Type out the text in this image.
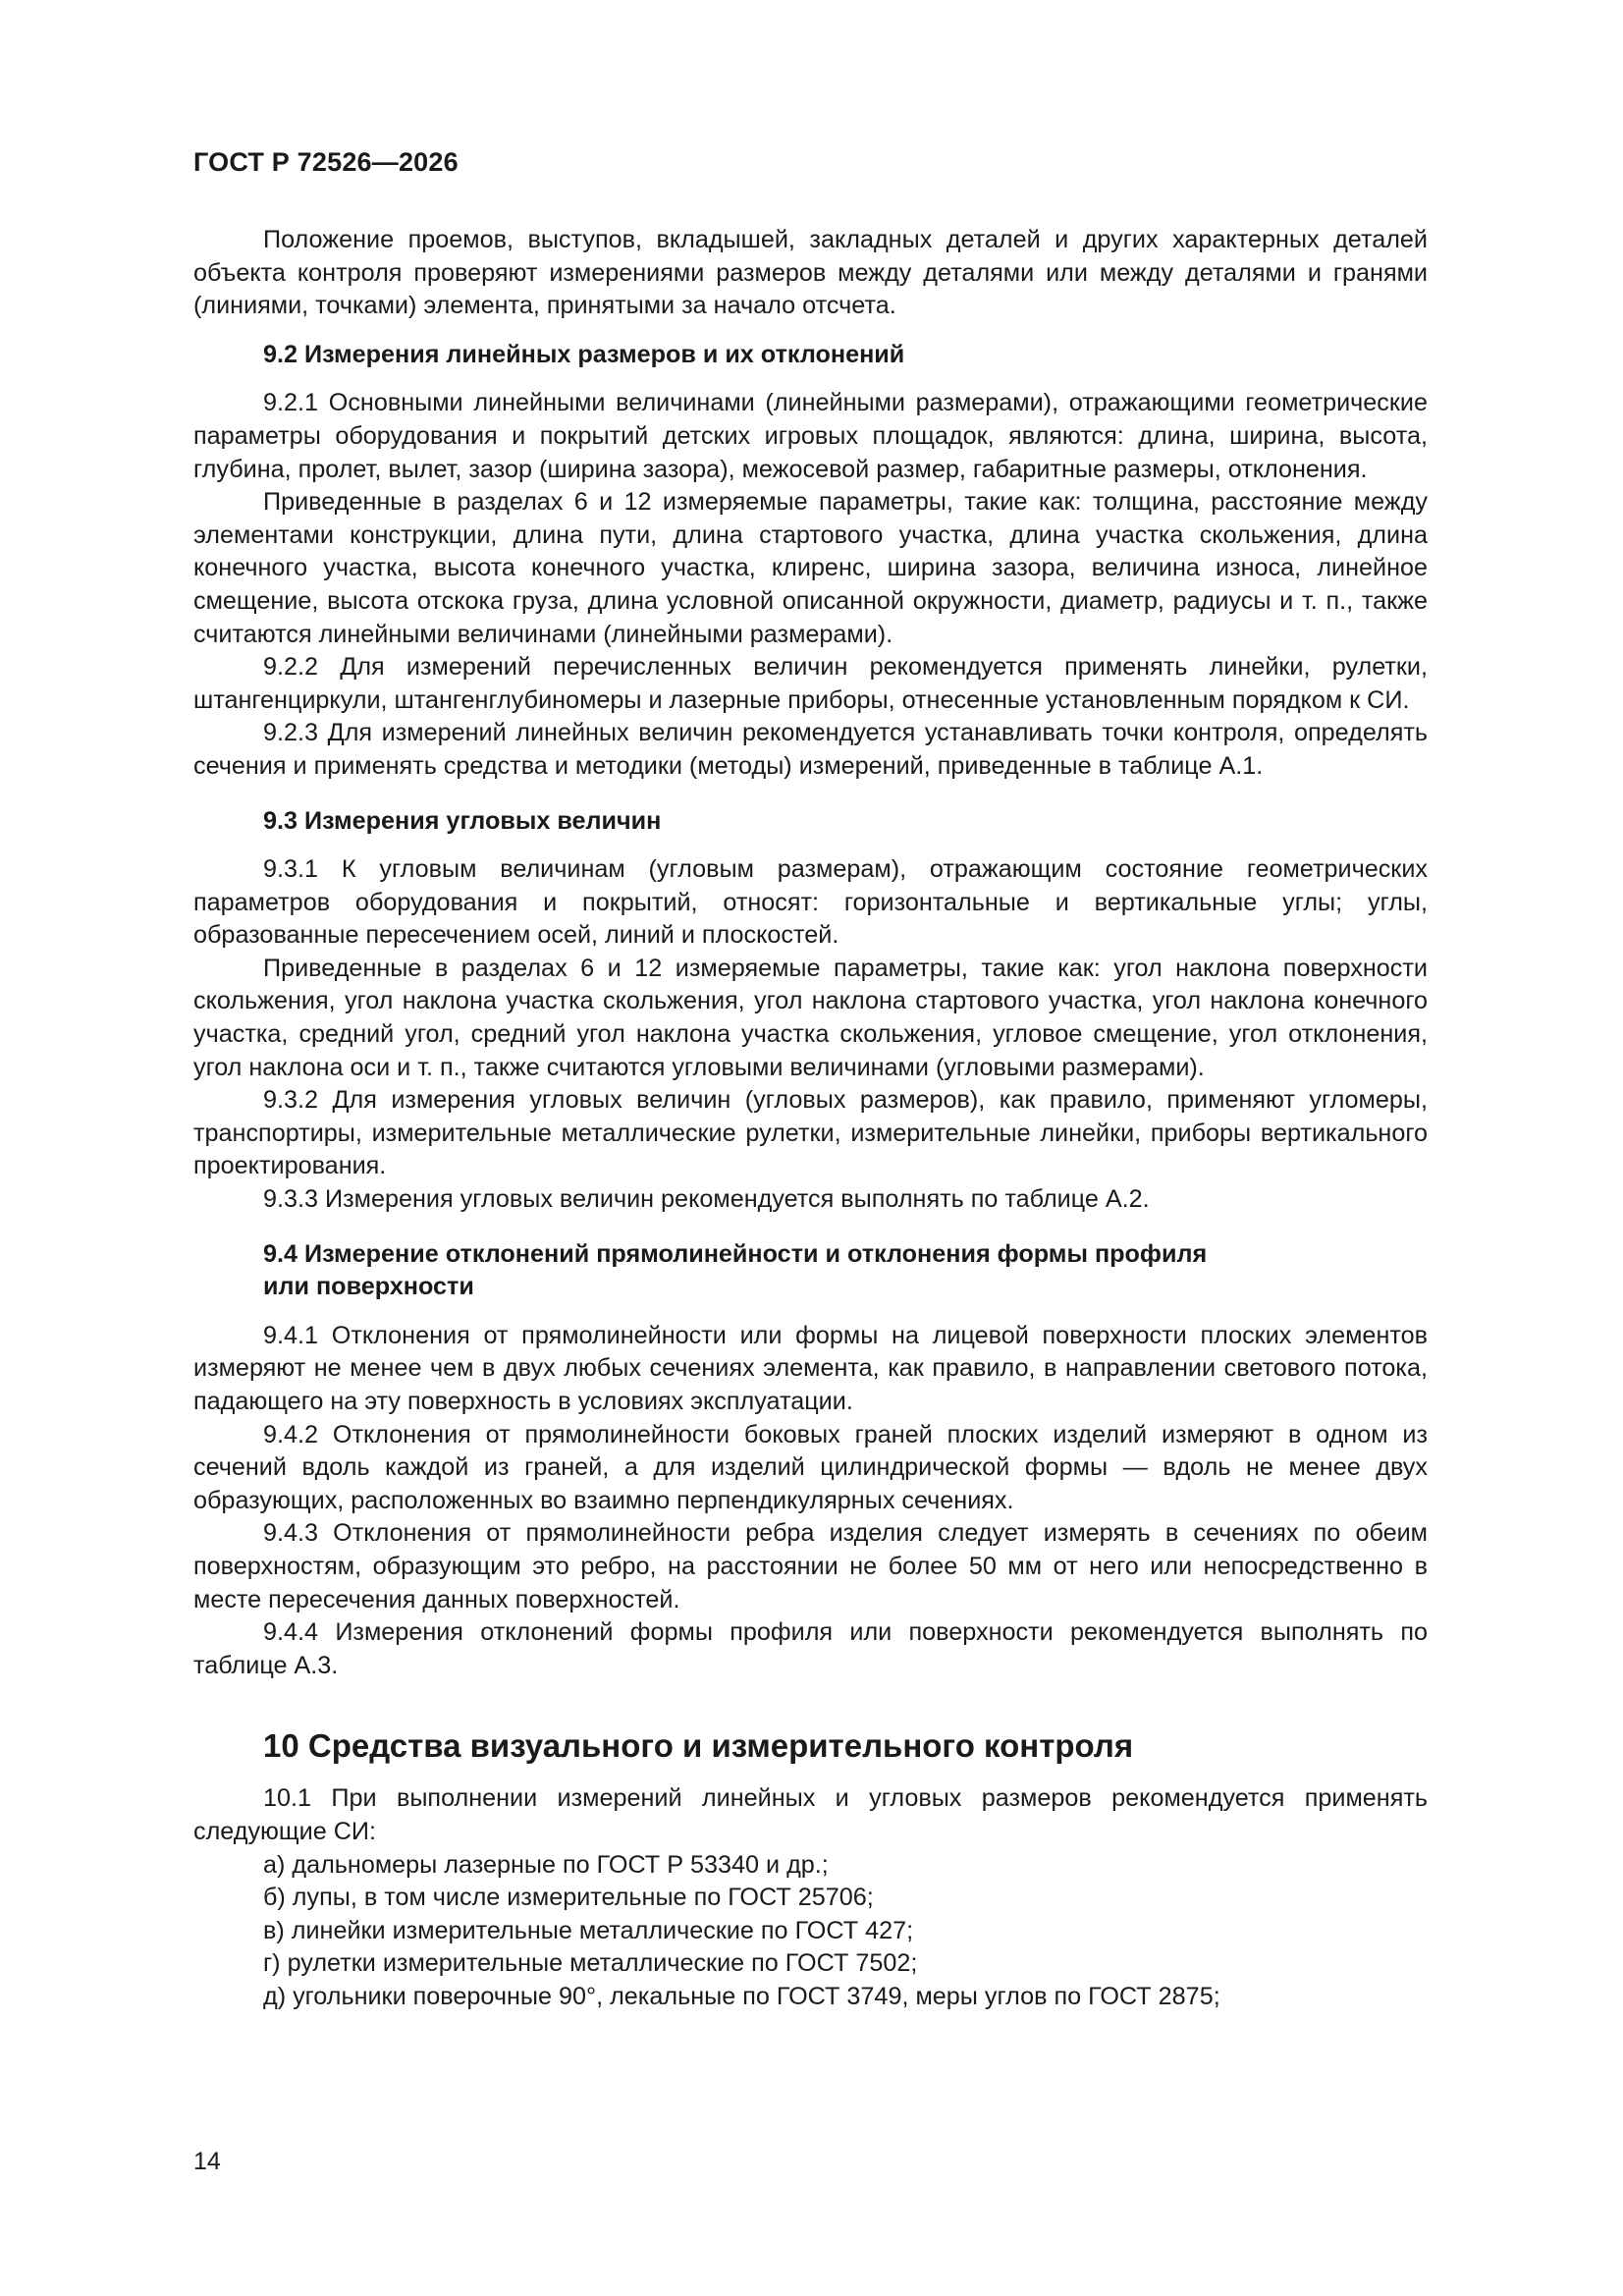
ГОСТ Р 72526—2026

Положение проемов, выступов, вкладышей, закладных деталей и других характерных деталей объекта контроля проверяют измерениями размеров между деталями или между деталями и гранями (линиями, точками) элемента, принятыми за начало отсчета.

9.2 Измерения линейных размеров и их отклонений

9.2.1 Основными линейными величинами (линейными размерами), отражающими геометрические параметры оборудования и покрытий детских игровых площадок, являются: длина, ширина, высота, глубина, пролет, вылет, зазор (ширина зазора), межосевой размер, габаритные размеры, отклонения.

Приведенные в разделах 6 и 12 измеряемые параметры, такие как: толщина, расстояние между элементами конструкции, длина пути, длина стартового участка, длина участка скольжения, длина конечного участка, высота конечного участка, клиренс, ширина зазора, величина износа, линейное смещение, высота отскока груза, длина условной описанной окружности, диаметр, радиусы и т. п., также считаются линейными величинами (линейными размерами).

9.2.2 Для измерений перечисленных величин рекомендуется применять линейки, рулетки, штангенциркули, штангенглубиномеры и лазерные приборы, отнесенные установленным порядком к СИ.

9.2.3 Для измерений линейных величин рекомендуется устанавливать точки контроля, определять сечения и применять средства и методики (методы) измерений, приведенные в таблице А.1.

9.3 Измерения угловых величин

9.3.1 К угловым величинам (угловым размерам), отражающим состояние геометрических параметров оборудования и покрытий, относят: горизонтальные и вертикальные углы; углы, образованные пересечением осей, линий и плоскостей.

Приведенные в разделах 6 и 12 измеряемые параметры, такие как: угол наклона поверхности скольжения, угол наклона участка скольжения, угол наклона стартового участка, угол наклона конечного участка, средний угол, средний угол наклона участка скольжения, угловое смещение, угол отклонения, угол наклона оси и т. п., также считаются угловыми величинами (угловыми размерами).

9.3.2 Для измерения угловых величин (угловых размеров), как правило, применяют угломеры, транспортиры, измерительные металлические рулетки, измерительные линейки, приборы вертикального проектирования.

9.3.3 Измерения угловых величин рекомендуется выполнять по таблице А.2.

9.4 Измерение отклонений прямолинейности и отклонения формы профиля

или поверхности

9.4.1 Отклонения от прямолинейности или формы на лицевой поверхности плоских элементов измеряют не менее чем в двух любых сечениях элемента, как правило, в направлении светового потока, падающего на эту поверхность в условиях эксплуатации.

9.4.2 Отклонения от прямолинейности боковых граней плоских изделий измеряют в одном из сечений вдоль каждой из граней, а для изделий цилиндрической формы — вдоль не менее двух образующих, расположенных во взаимно перпендикулярных сечениях.

9.4.3 Отклонения от прямолинейности ребра изделия следует измерять в сечениях по обеим поверхностям, образующим это ребро, на расстоянии не более 50 мм от него или непосредственно в месте пересечения данных поверхностей.

9.4.4 Измерения отклонений формы профиля или поверхности рекомендуется выполнять по таблице А.3.

10 Средства визуального и измерительного контроля

10.1 При выполнении измерений линейных и угловых размеров рекомендуется применять следующие СИ:

а) дальномеры лазерные по ГОСТ Р 53340 и др.;

б) лупы, в том числе измерительные по ГОСТ 25706;

в) линейки измерительные металлические по ГОСТ 427;

г) рулетки измерительные металлические по ГОСТ 7502;

д) угольники поверочные 90°, лекальные по ГОСТ 3749, меры углов по ГОСТ 2875;

14
